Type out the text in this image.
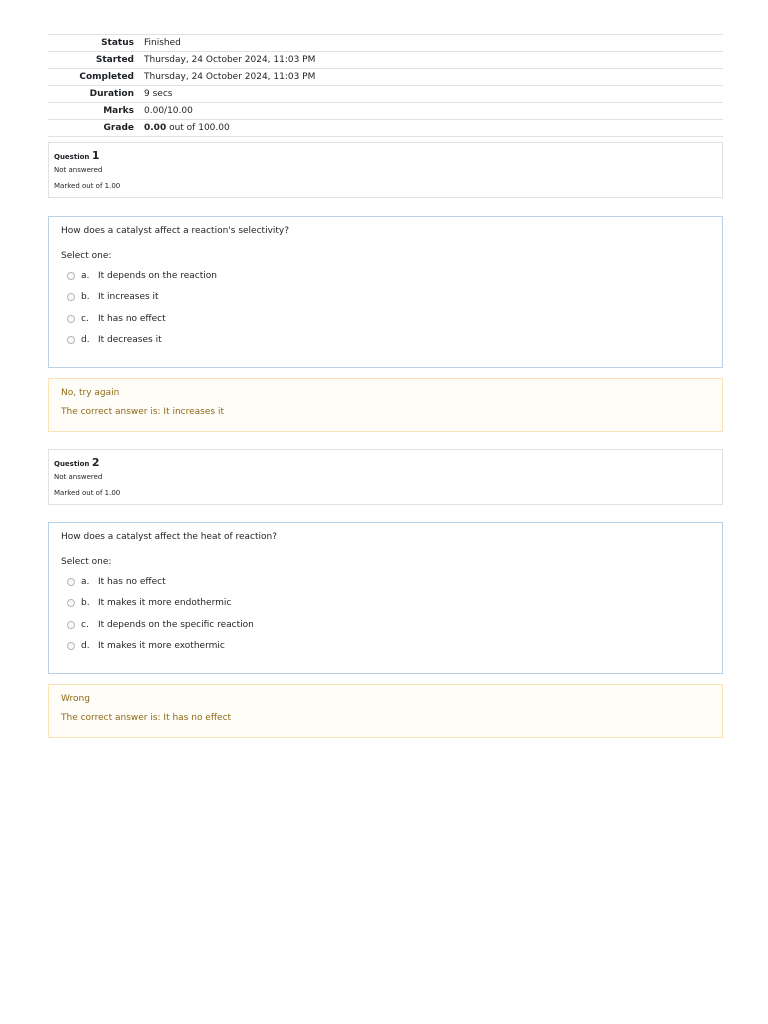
Status	Finished
Started	Thursday, 24 October 2024, 11:03 PM
Completed	Thursday, 24 October 2024, 11:03 PM
Duration	9 secs
Marks	0.00/10.00
Grade	0.00 out of 100.00
Question 1
Not answered
Marked out of 1.00
How does a catalyst affect a reaction's selectivity?
Select one:
a. It depends on the reaction
b. It increases it
c.	It has no effect
d. It decreases it
No, try again
The correct answer is: It increases it
Question 2
Not answered
Marked out of 1.00
How does a catalyst affect the heat of reaction?
Select one:
a. It has no effect
b. It makes it more endothermic
c.	It depends on the specific reaction
d. It makes it more exothermic
Wrong
The correct answer is: It has no effect
